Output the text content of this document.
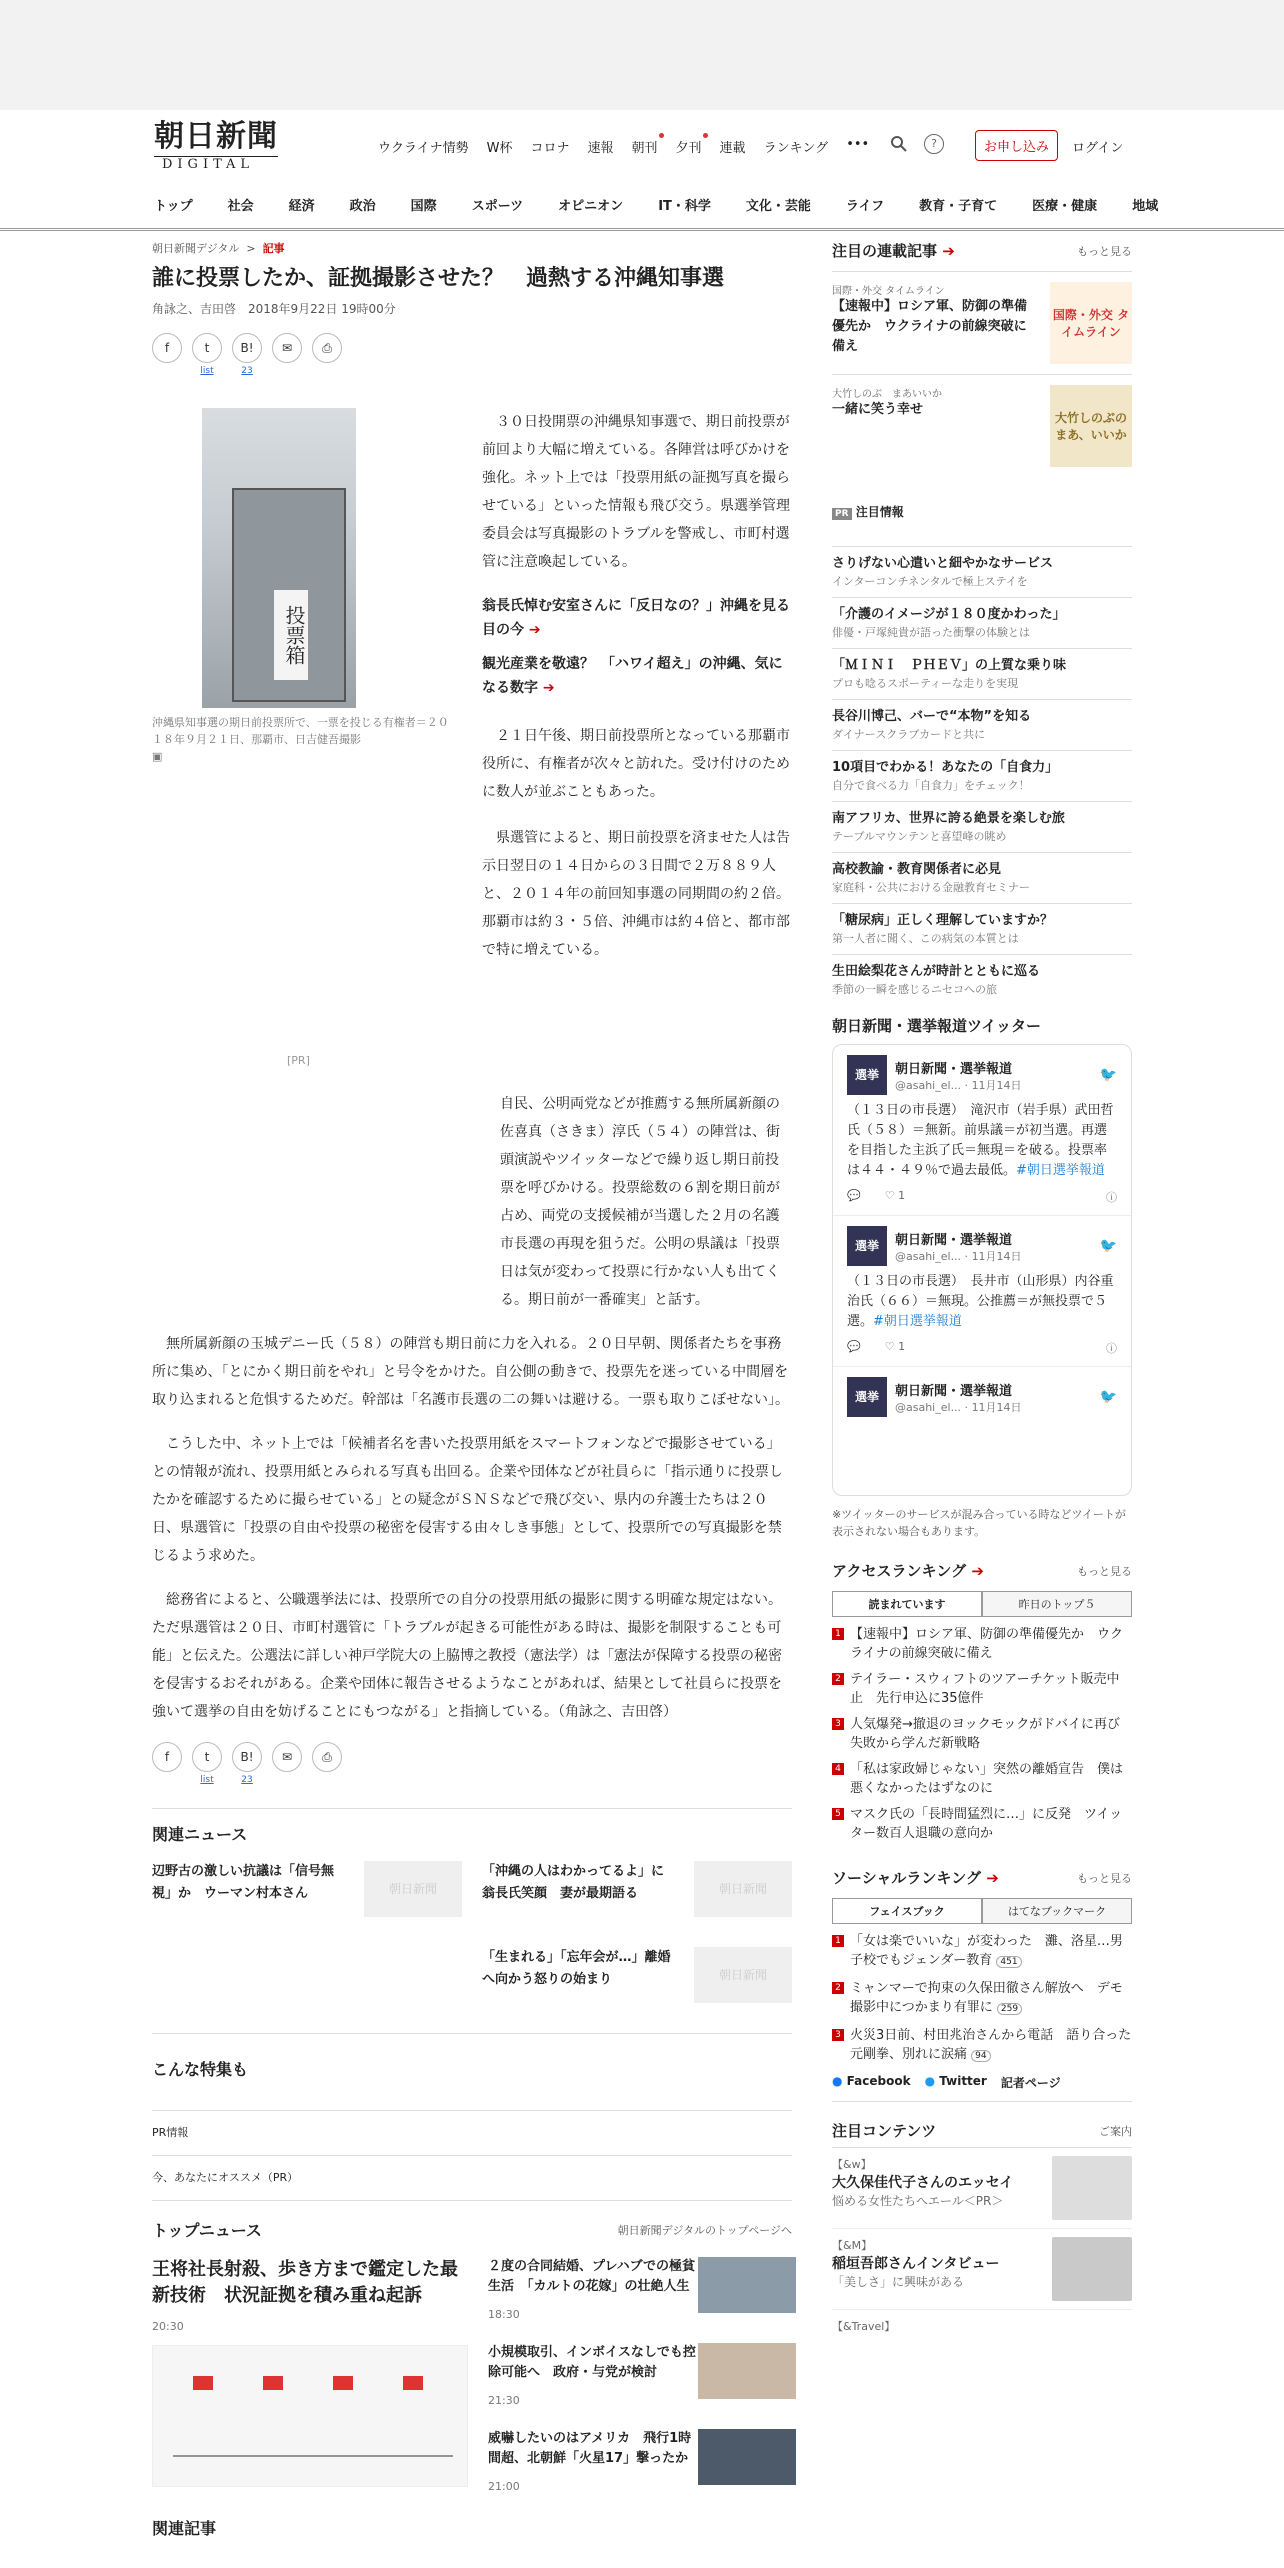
朝日新聞
DIGITAL
ウクライナ情勢 W杯 コロナ 速報 朝刊 夕刊 連載 ランキング •••	?	お申し込み	ログイン
トップ	社会	経済	政治	国際	スポーツ	オピニオン	IT・科学	文化・芸能	ライフ	教育・子育て	医療・健康	地域
朝日新聞デジタル > 記事
誰に投票したか、証拠撮影させた？　過熱する沖縄知事選
角詠之、吉田啓　2018年9月22日 19時00分
f	t
list
B!
23
✉	⎙
投票箱
沖縄県知事選の期日前投票所で、一票を投じる有権者＝２０１８年９月２１日、那覇市、日吉健吾撮影
▣
[PR]

３０日投開票の沖縄県知事選で、期日前投票が前回より大幅に増えている。各陣営は呼びかけを強化。ネット上では「投票用紙の証拠写真を撮らせている」といった情報も飛び交う。県選挙管理委員会は写真撮影のトラブルを警戒し、市町村選管に注意喚起している。

翁長氏悼む安室さんに「反日なの？」沖縄を見る目の今 ➔
観光産業を敬遠？　「ハワイ超え」の沖縄、気になる数字 ➔

２１日午後、期日前投票所となっている那覇市役所に、有権者が次々と訪れた。受け付けのために数人が並ぶこともあった。

県選管によると、期日前投票を済ませた人は告示日翌日の１４日からの３日間で２万８８９人と、２０１４年の前回知事選の同期間の約２倍。那覇市は約３・５倍、沖縄市は約４倍と、都市部で特に増えている。

自民、公明両党などが推薦する無所属新顔の佐喜真（さきま）淳氏（５４）の陣営は、街頭演説やツイッターなどで繰り返し期日前投票を呼びかける。投票総数の６割を期日前が占め、両党の支援候補が当選した２月の名護市長選の再現を狙うだ。公明の県議は「投票日は気が変わって投票に行かない人も出てくる。期日前が一番確実」と話す。

無所属新顔の玉城デニー氏（５８）の陣営も期日前に力を入れる。２０日早朝、関係者たちを事務所に集め、「とにかく期日前をやれ」と号令をかけた。自公側の動きで、投票先を迷っている中間層を取り込まれると危惧するためだ。幹部は「名護市長選の二の舞いは避ける。一票も取りこぼせない」。

こうした中、ネット上では「候補者名を書いた投票用紙をスマートフォンなどで撮影させている」との情報が流れ、投票用紙とみられる写真も出回る。企業や団体などが社員らに「指示通りに投票したかを確認するために撮らせている」との疑念がＳＮＳなどで飛び交い、県内の弁護士たちは２０日、県選管に「投票の自由や投票の秘密を侵害する由々しき事態」として、投票所での写真撮影を禁じるよう求めた。

総務省によると、公職選挙法には、投票所での自分の投票用紙の撮影に関する明確な規定はない。ただ県選管は２０日、市町村選管に「トラブルが起きる可能性がある時は、撮影を制限することも可能」と伝えた。公選法に詳しい神戸学院大の上脇博之教授（憲法学）は「憲法が保障する投票の秘密を侵害するおそれがある。企業や団体に報告させるようなことがあれば、結果として社員らに投票を強いて選挙の自由を妨げることにもつながる」と指摘している。（角詠之、吉田啓）

f	t
list
B!
23
✉	⎙
関連ニュース
辺野古の激しい抗議は「信号無視」か　ウーマン村本さん	朝日新聞
「沖縄の人はわかってるよ」に翁長氏笑顔　妻が最期語る	朝日新聞
「生まれる」「忘年会が…」離婚へ向かう怒りの始まり	朝日新聞
こんな特集も
PR情報
今、あなたにオススメ（PR）
トップニュース	朝日新聞デジタルのトップページへ
王将社長射殺、歩き方まで鑑定した最新技術　状況証拠を積み重ね起訴
20:30
２度の合同結婚、プレハブでの極貧生活　「カルトの花嫁」の壮絶人生
18:30
小規模取引、インボイスなしでも控除可能へ　政府・与党が検討
21:30
威嚇したいのはアメリカ　飛行1時間超、北朝鮮「火星17」撃ったか
21:00
関連記事
注目の連載記事 ➔	もっと見る
国際・外交 タイムライン
【速報中】ロシア軍、防御の準備優先か　ウクライナの前線突破に備え
国際・外交 タイムライン
大竹しのぶ　まあいいか
一緒に笑う幸せ
大竹しのぶの まあ、いいか
PR 注目情報
さりげない心遣いと細やかなサービス
インターコンチネンタルで極上ステイを
「介護のイメージが１８０度かわった」
俳優・戸塚純貴が語った衝撃の体験とは
「ＭＩＮＩ　ＰＨＥＶ」の上質な乗り味
プロも唸るスポーティーな走りを実現
長谷川博己、バーで“本物”を知る
ダイナースクラブカードと共に
10項目でわかる！あなたの「自食力」
自分で食べる力「自食力」をチェック！
南アフリカ、世界に誇る絶景を楽しむ旅
テーブルマウンテンと喜望峰の眺め
高校教諭・教育関係者に必見
家庭科・公共における金融教育セミナー
「糖尿病」正しく理解していますか？
第一人者に聞く、この病気の本質とは
生田絵梨花さんが時計とともに巡る
季節の一瞬を感じるニセコへの旅
朝日新聞・選挙報道ツイッター
選挙	朝日新聞・選挙報道
@asahi_el... · 11月14日
🐦
（１３日の市長選）　滝沢市（岩手県）武田哲氏（５８）＝無新。前県議＝が初当選。再選を目指した主浜了氏＝無現＝を破る。投票率は４４・４９％で過去最低。#朝日選挙報道
💬 ♡ 1	ⓘ
選挙	朝日新聞・選挙報道
@asahi_el... · 11月14日
🐦
（１３日の市長選）　長井市（山形県）内谷重治氏（６６）＝無現。公推薦＝が無投票で５選。#朝日選挙報道
💬 ♡ 1	ⓘ
選挙	朝日新聞・選挙報道
@asahi_el... · 11月14日
🐦
※ツイッターのサービスが混み合っている時などツイートが表示されない場合もあります。
アクセスランキング ➔	もっと見る
読まれています	昨日のトップ５
1 【速報中】ロシア軍、防御の準備優先か　ウクライナの前線突破に備え
2 テイラー・スウィフトのツアーチケット販売中止　先行申込に35億件
3 人気爆発→撤退のヨックモックがドバイに再び　失敗から学んだ新戦略
4 「私は家政婦じゃない」突然の離婚宣告　僕は悪くなかったはずなのに
5 マスク氏の「長時間猛烈に…」に反発　ツイッター数百人退職の意向か
ソーシャルランキング ➔	もっと見る
フェイスブック	はてなブックマーク
1 「女は楽でいいな」が変わった　灘、洛星…男子校でもジェンダー教育 451
2 ミャンマーで拘束の久保田徹さん解放へ　デモ撮影中につかまり有罪に 259
3 火災3日前、村田兆治さんから電話　語り合った元剛拳、別れに涙痛 94
● Facebook ● Twitter 記者ページ
注目コンテンツ	ご案内
【&w】
大久保佳代子さんのエッセイ
悩める女性たちへエール＜PR＞
【&M】
稲垣吾郎さんインタビュー
「美しさ」に興味がある
【&Travel】
